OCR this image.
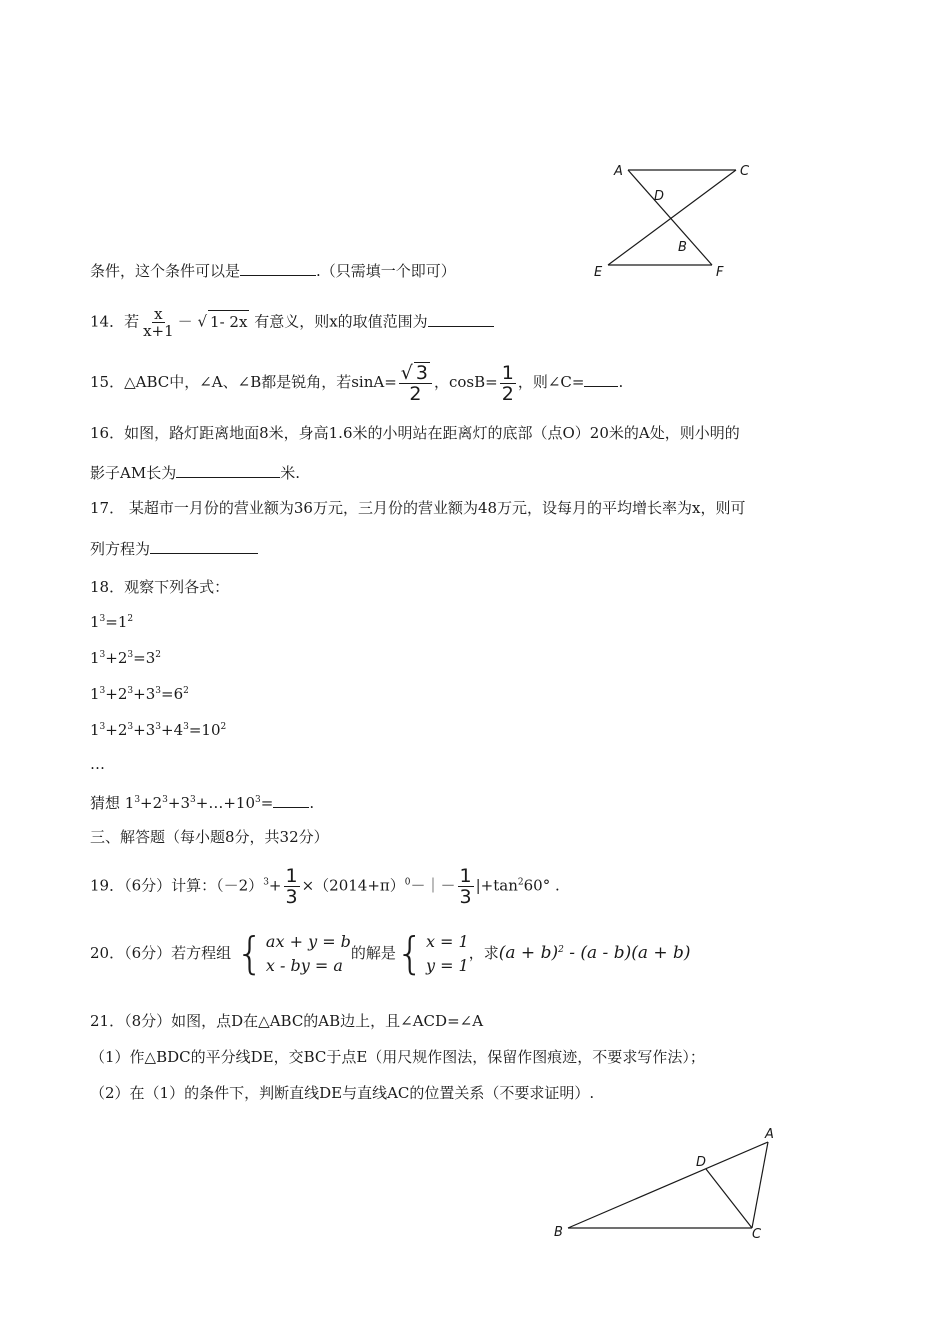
A	C
D
B
E	F
条件，这个条件可以是	.（只需填一个即可）
14．若 $\frac{x}{x+1}$ － √ 1- 2x 有意义，则x的取值范围为
15．△ABC中，∠A、∠B都是锐角，若$\sin A= \frac{√ 3}{2}$ ，$\cos B= \frac{1}{2}$ ，则∠C= .
16．如图，路灯距离地面8米，身高1.6米的小明站在距离灯的底部（点O）20米的A处，则小明的
影子AM长为	米.
17． 某超市一月份的营业额为36万元，三月份的营业额为48万元，设每月的平均增长率为x，则可
列方程为
18．观察下列各式：
$1^3=1^2$
$1^3+2^3=3^2$
$1^3+2^3+3^3=6^2$
$1^3+2^3+3^3+4^3=10^2$
…
猜想 $1^3+2^3+3^3+\dots+10^3=$ .
三、解答题（每小题8分，共32分）
19．（6分）计算：$(-2)^3+ \frac{1}{3}$ $\times(2014+\pi)^0-|- \frac{1}{3} |+\tan^260^\circ$ .
20．（6分）若方程组 { ax + y = b
x - by = a
的解是 { x = 1
y = 1
，求$(a + b)^2 - (a - b)(a + b)$
21．（8分）如图，点D在△ABC的AB边上，且∠ACD=∠A
（1）作△BDC的平分线DE，交BC于点E（用尺规作图法，保留作图痕迹，不要求写作法）；
（2）在（1）的条件下，判断直线DE与直线AC的位置关系（不要求证明）.
A
D
B	C
